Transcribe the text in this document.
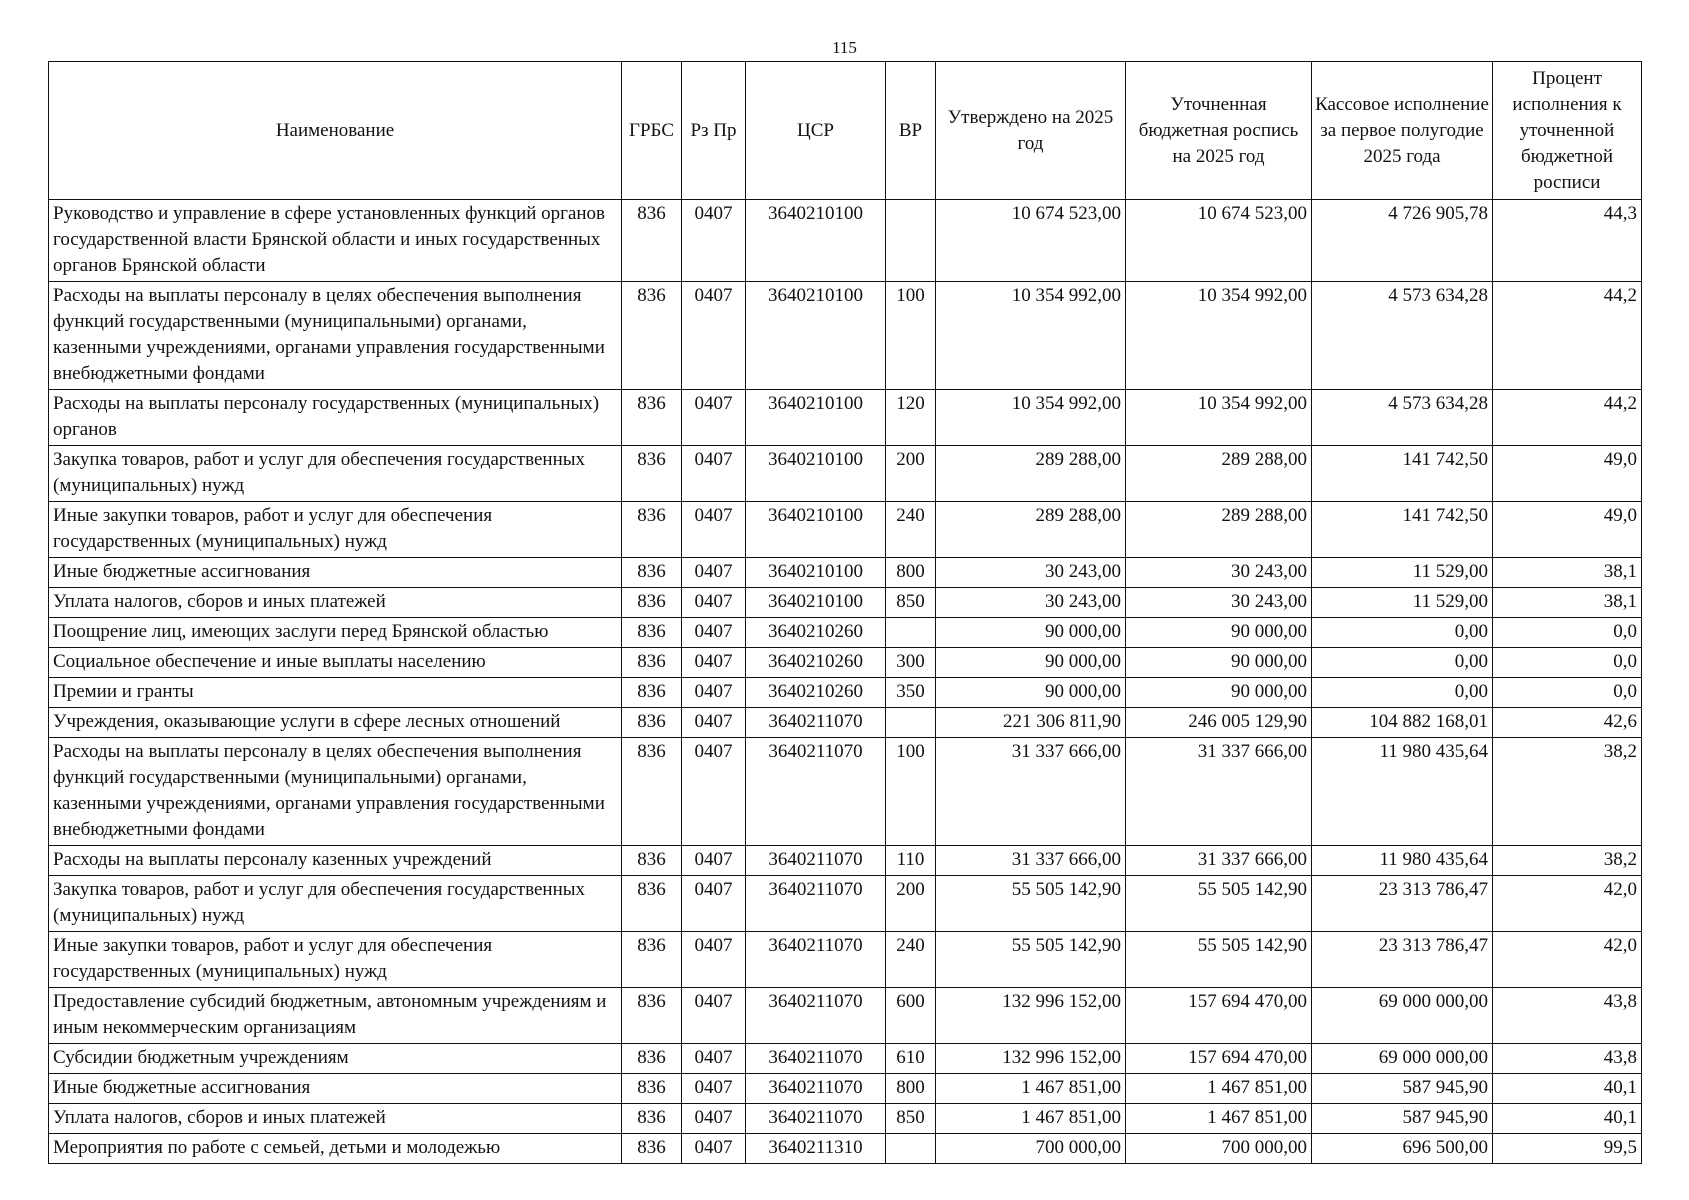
115
Наименование	ГРБС	Рз Пр	ЦСР	ВР	Утверждено на 2025 год	Уточненная бюджетная роспись на 2025 год	Кассовое исполнение за первое полугодие 2025 года	Процент исполнения к уточненной бюджетной росписи
Руководство и управление в сфере установленных функций органов государственной власти Брянской области и иных государственных органов Брянской области	836	0407	3640210100		10 674 523,00	10 674 523,00	4 726 905,78	44,3
Расходы на выплаты персоналу в целях обеспечения выполнения функций государственными (муниципальными) органами, казенными учреждениями, органами управления государственными внебюджетными фондами	836	0407	3640210100	100	10 354 992,00	10 354 992,00	4 573 634,28	44,2
Расходы на выплаты персоналу государственных (муниципальных) органов	836	0407	3640210100	120	10 354 992,00	10 354 992,00	4 573 634,28	44,2
Закупка товаров, работ и услуг для обеспечения государственных (муниципальных) нужд	836	0407	3640210100	200	289 288,00	289 288,00	141 742,50	49,0
Иные закупки товаров, работ и услуг для обеспечения государственных (муниципальных) нужд	836	0407	3640210100	240	289 288,00	289 288,00	141 742,50	49,0
Иные бюджетные ассигнования	836	0407	3640210100	800	30 243,00	30 243,00	11 529,00	38,1
Уплата налогов, сборов и иных платежей	836	0407	3640210100	850	30 243,00	30 243,00	11 529,00	38,1
Поощрение лиц, имеющих заслуги перед Брянской областью	836	0407	3640210260		90 000,00	90 000,00	0,00	0,0
Социальное обеспечение и иные выплаты населению	836	0407	3640210260	300	90 000,00	90 000,00	0,00	0,0
Премии и гранты	836	0407	3640210260	350	90 000,00	90 000,00	0,00	0,0
Учреждения, оказывающие услуги в сфере лесных отношений	836	0407	3640211070		221 306 811,90	246 005 129,90	104 882 168,01	42,6
Расходы на выплаты персоналу в целях обеспечения выполнения функций государственными (муниципальными) органами, казенными учреждениями, органами управления государственными внебюджетными фондами	836	0407	3640211070	100	31 337 666,00	31 337 666,00	11 980 435,64	38,2
Расходы на выплаты персоналу казенных учреждений	836	0407	3640211070	110	31 337 666,00	31 337 666,00	11 980 435,64	38,2
Закупка товаров, работ и услуг для обеспечения государственных (муниципальных) нужд	836	0407	3640211070	200	55 505 142,90	55 505 142,90	23 313 786,47	42,0
Иные закупки товаров, работ и услуг для обеспечения государственных (муниципальных) нужд	836	0407	3640211070	240	55 505 142,90	55 505 142,90	23 313 786,47	42,0
Предоставление субсидий бюджетным, автономным учреждениям и иным некоммерческим организациям	836	0407	3640211070	600	132 996 152,00	157 694 470,00	69 000 000,00	43,8
Субсидии бюджетным учреждениям	836	0407	3640211070	610	132 996 152,00	157 694 470,00	69 000 000,00	43,8
Иные бюджетные ассигнования	836	0407	3640211070	800	1 467 851,00	1 467 851,00	587 945,90	40,1
Уплата налогов, сборов и иных платежей	836	0407	3640211070	850	1 467 851,00	1 467 851,00	587 945,90	40,1
Мероприятия по работе с семьей, детьми и молодежью	836	0407	3640211310		700 000,00	700 000,00	696 500,00	99,5
